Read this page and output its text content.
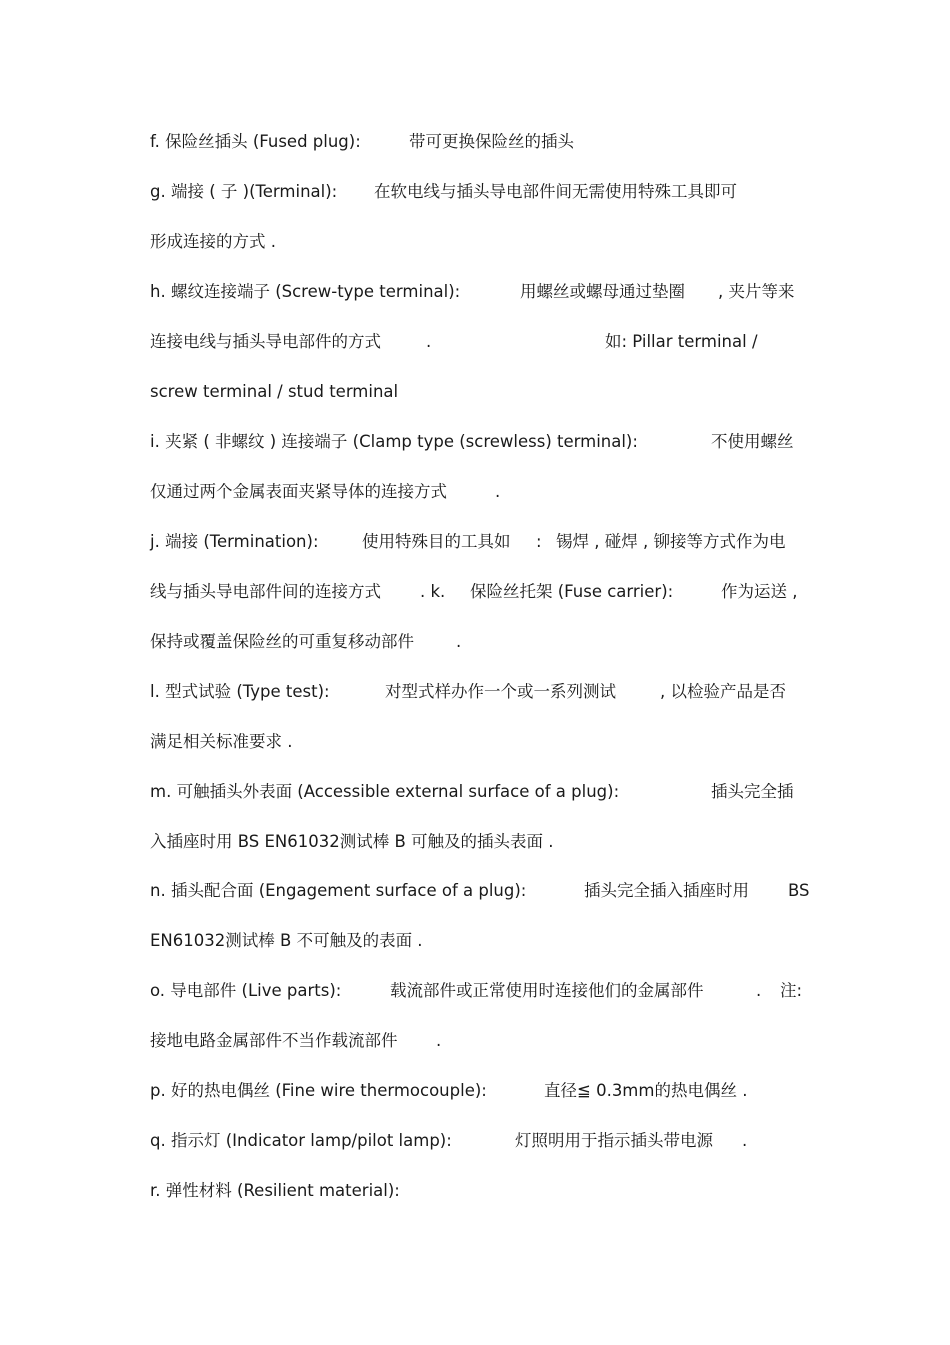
f. 保险丝插头 (Fused plug):	带可更换保险丝的插头
g. 端接 ( 子 )(Terminal): 在软电线与插头导电部件间无需使用特殊工具即可
形成连接的方式 .
h. 螺纹连接端子 (Screw-type terminal):	用螺丝或螺母通过垫圈 , 夹片等来
连接电线与插头导电部件的方式	.	如: Pillar terminal /
screw terminal / stud terminal
i. 夹紧 ( 非螺纹 ) 连接端子 (Clamp type (screwless) terminal):	不使用螺丝
仅通过两个金属表面夹紧导体的连接方式	.
j. 端接 (Termination):	使用特殊目的工具如 : 锡焊 , 碰焊 , 铆接等方式作为电
线与插头导电部件间的连接方式 . k. 保险丝托架 (Fuse carrier):	作为运送 ,
保持或覆盖保险丝的可重复移动部件	.
l. 型式试验 (Type test):	对型式样办作一个或一系列测试	, 以检验产品是否
满足相关标准要求 .
m. 可触插头外表面 (Accessible external surface of a plug):	插头完全插
入插座时用 BS EN61032测试棒 B 可触及的插头表面 .
n. 插头配合面 (Engagement surface of a plug):	插头完全插入插座时用 BS
EN61032测试棒 B 不可触及的表面 .
o. 导电部件 (Live parts):	载流部件或正常使用时连接他们的金属部件	. 注:
接地电路金属部件不当作载流部件 .
p. 好的热电偶丝 (Fine wire thermocouple):	直径≦ 0.3mm的热电偶丝 .
q. 指示灯 (Indicator lamp/pilot lamp):	灯照明用于指示插头带电源 .
r. 弹性材料 (Resilient material):
